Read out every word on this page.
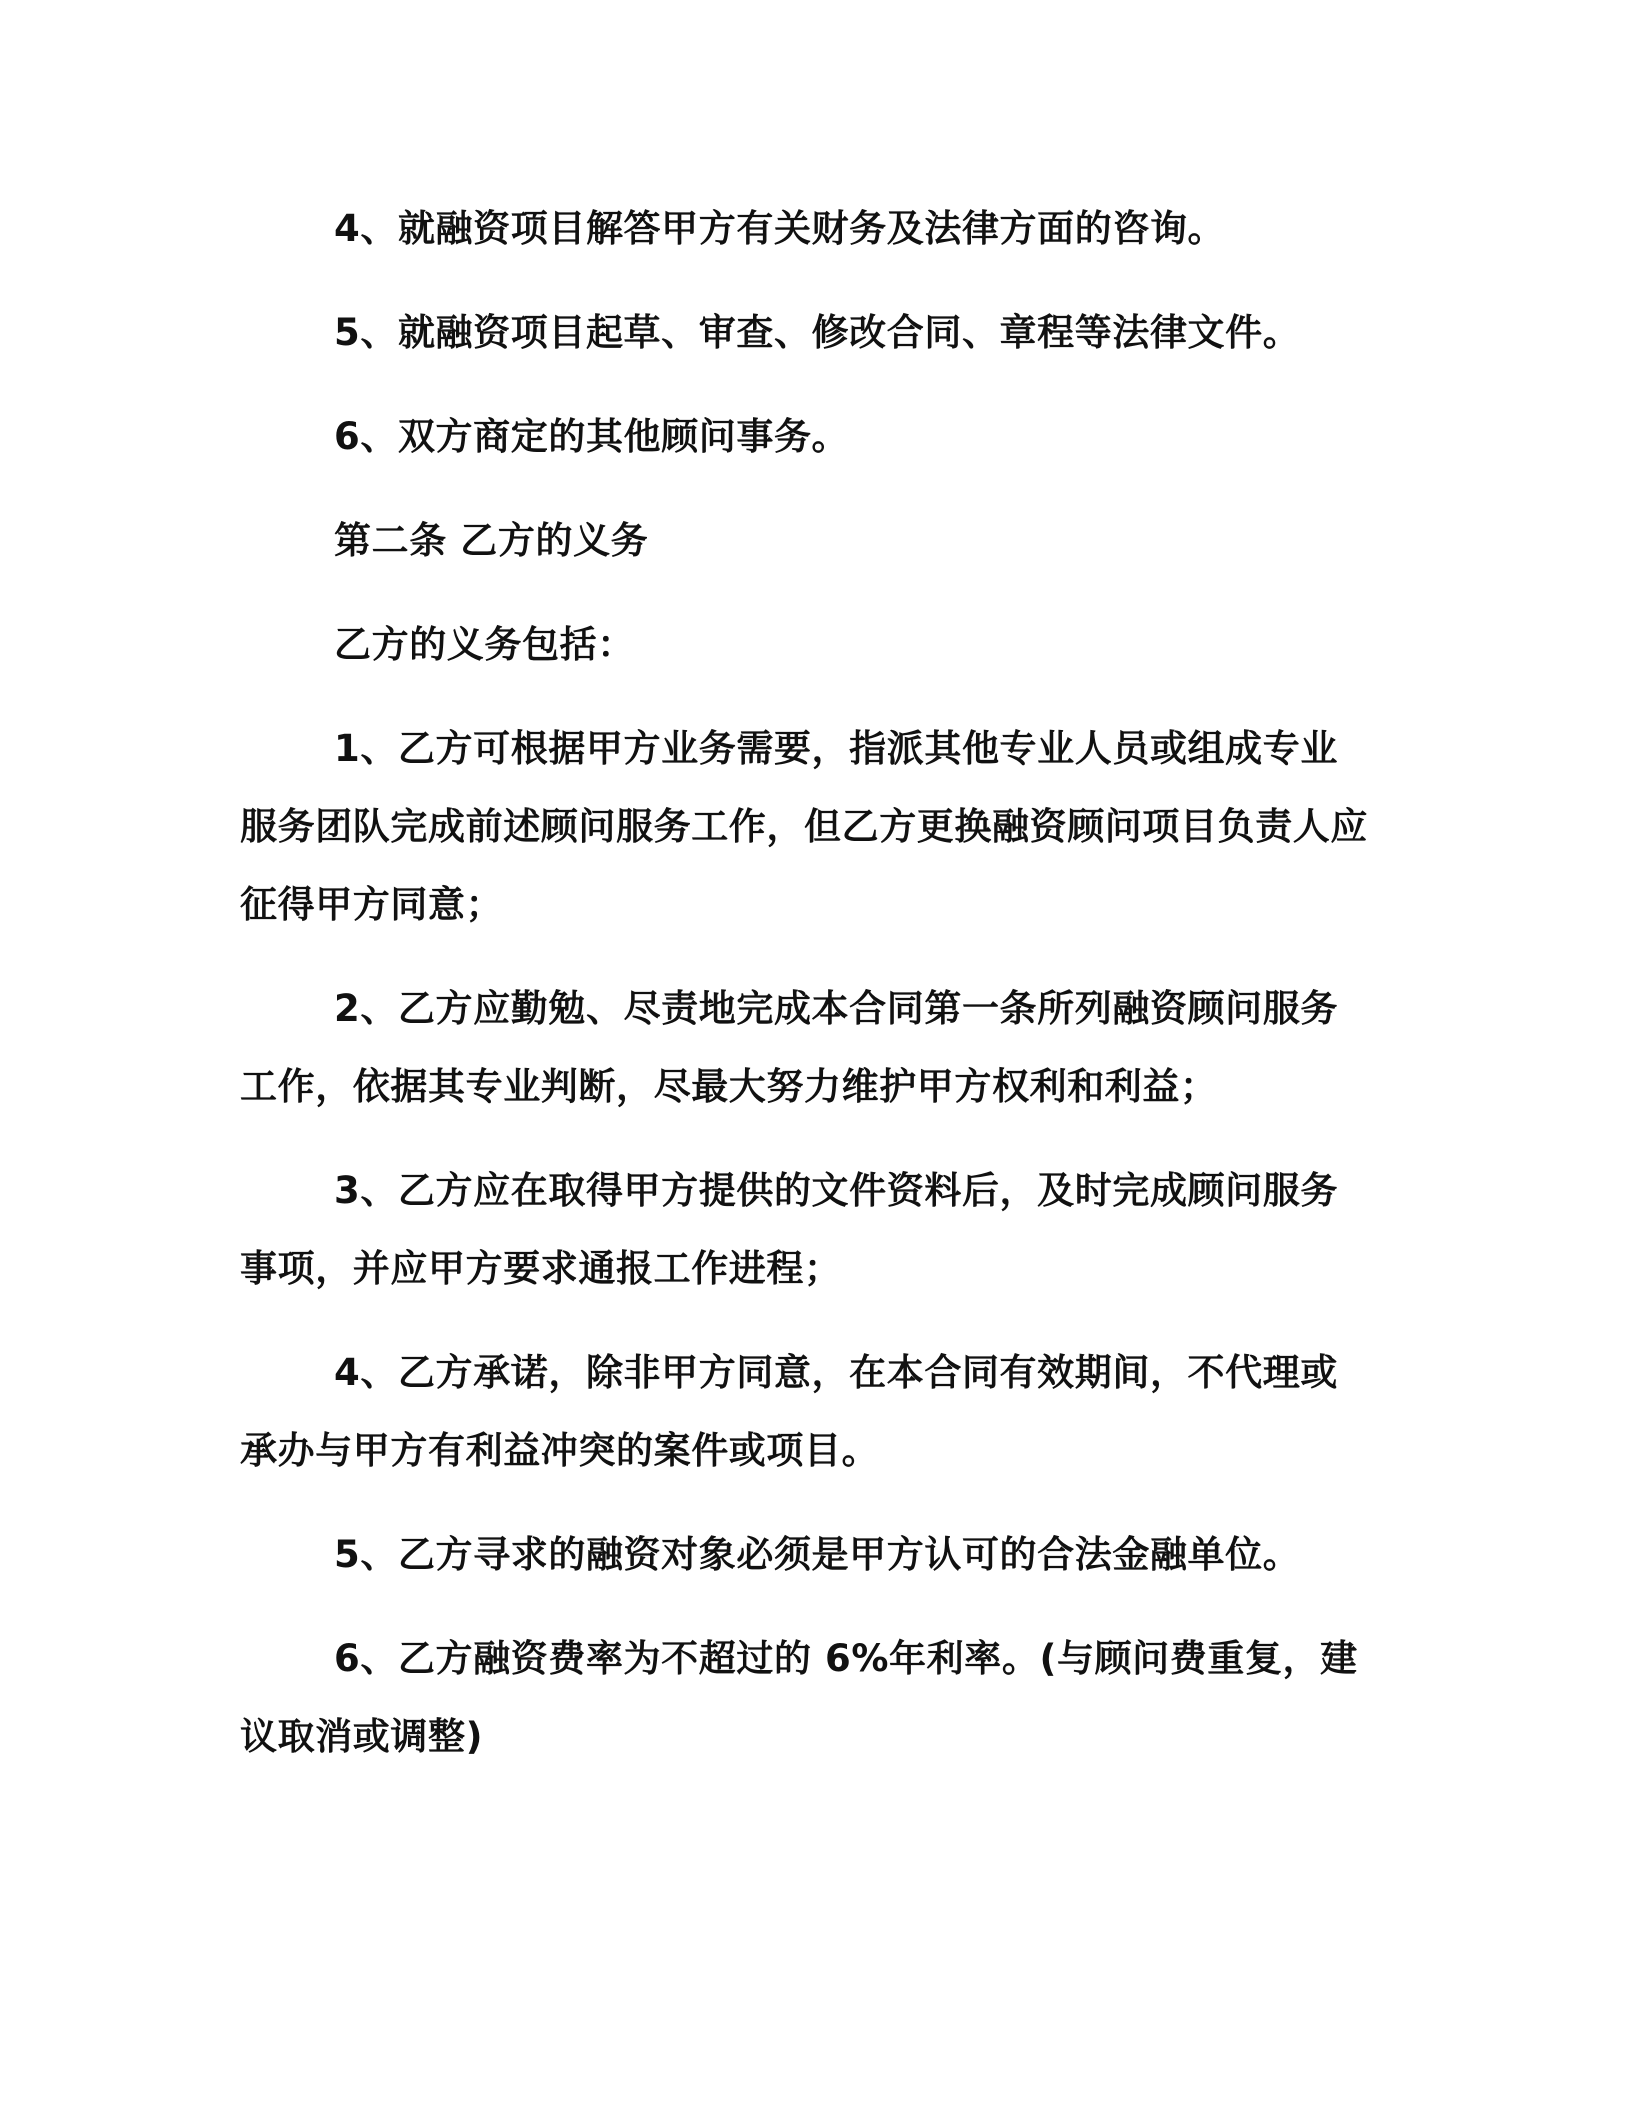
4、就融资项目解答甲方有关财务及法律方面的咨询。

5、就融资项目起草、审查、修改合同、章程等法律文件。

6、双方商定的其他顾问事务。

第二条 乙方的义务

乙方的义务包括：

1、乙方可根据甲方业务需要，指派其他专业人员或组成专业服务团队完成前述顾问服务工作，但乙方更换融资顾问项目负责人应征得甲方同意；

2、乙方应勤勉、尽责地完成本合同第一条所列融资顾问服务工作，依据其专业判断，尽最大努力维护甲方权利和利益；

3、乙方应在取得甲方提供的文件资料后，及时完成顾问服务事项，并应甲方要求通报工作进程；

4、乙方承诺，除非甲方同意，在本合同有效期间，不代理或承办与甲方有利益冲突的案件或项目。

5、乙方寻求的融资对象必须是甲方认可的合法金融单位。

6、乙方融资费率为不超过的 6%年利率。(与顾问费重复，建议取消或调整)
